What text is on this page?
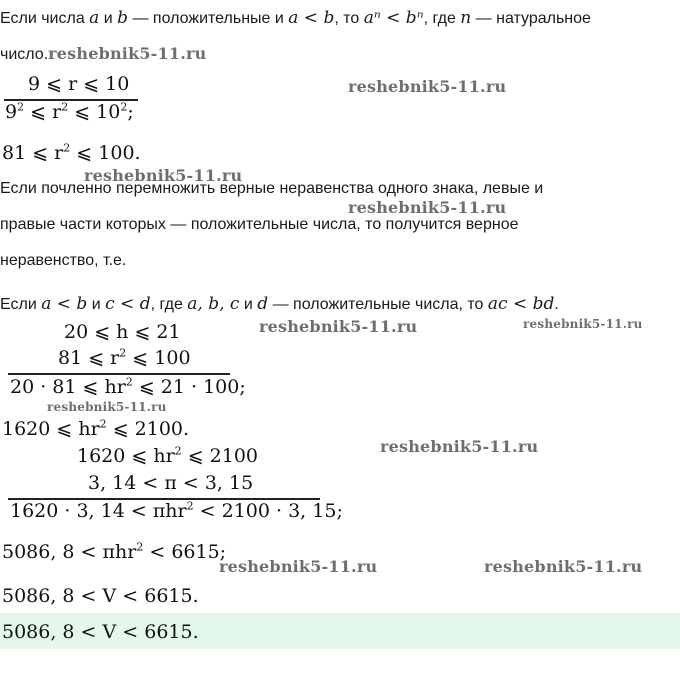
Если числа a и b — положительные и a < b, то aⁿ < bⁿ, где n — натуральное
число.reshebnik5-11.ru
9 ⩽ r ⩽ 10
$9^2$ ⩽ $r^2$ ⩽ $10^2$;
reshebnik5-11.ru
81 ⩽ $r^2$ ⩽ 100.
reshebnik5-11.ru
Если почленно перемножить верные неравенства одного знака, левые и
reshebnik5-11.ru
правые части которых — положительные числа, то получится верное
неравенство, т.е.
Если a < b и c < d, где a, b, c и d — положительные числа, то ac < bd.
20 ⩽ h ⩽ 21	reshebnik5-11.ru	reshebnik5-11.ru
81 ⩽ $r^2$ ⩽ 100
20 · 81 ⩽ $hr^2$ ⩽ 21 · 100;
reshebnik5-11.ru
1620 ⩽ $hr^2$ ⩽ 2100.
reshebnik5-11.ru
1620 ⩽ $hr^2$ ⩽ 2100
3, 14 < π < 3, 15
1620 · 3, 14 < πhr$^2$ < 2100 · 3, 15;
5086, 8 < πhr$^2$ < 6615;
reshebnik5-11.ru	reshebnik5-11.ru
5086, 8 < V < 6615.
5086, 8 < V < 6615.
